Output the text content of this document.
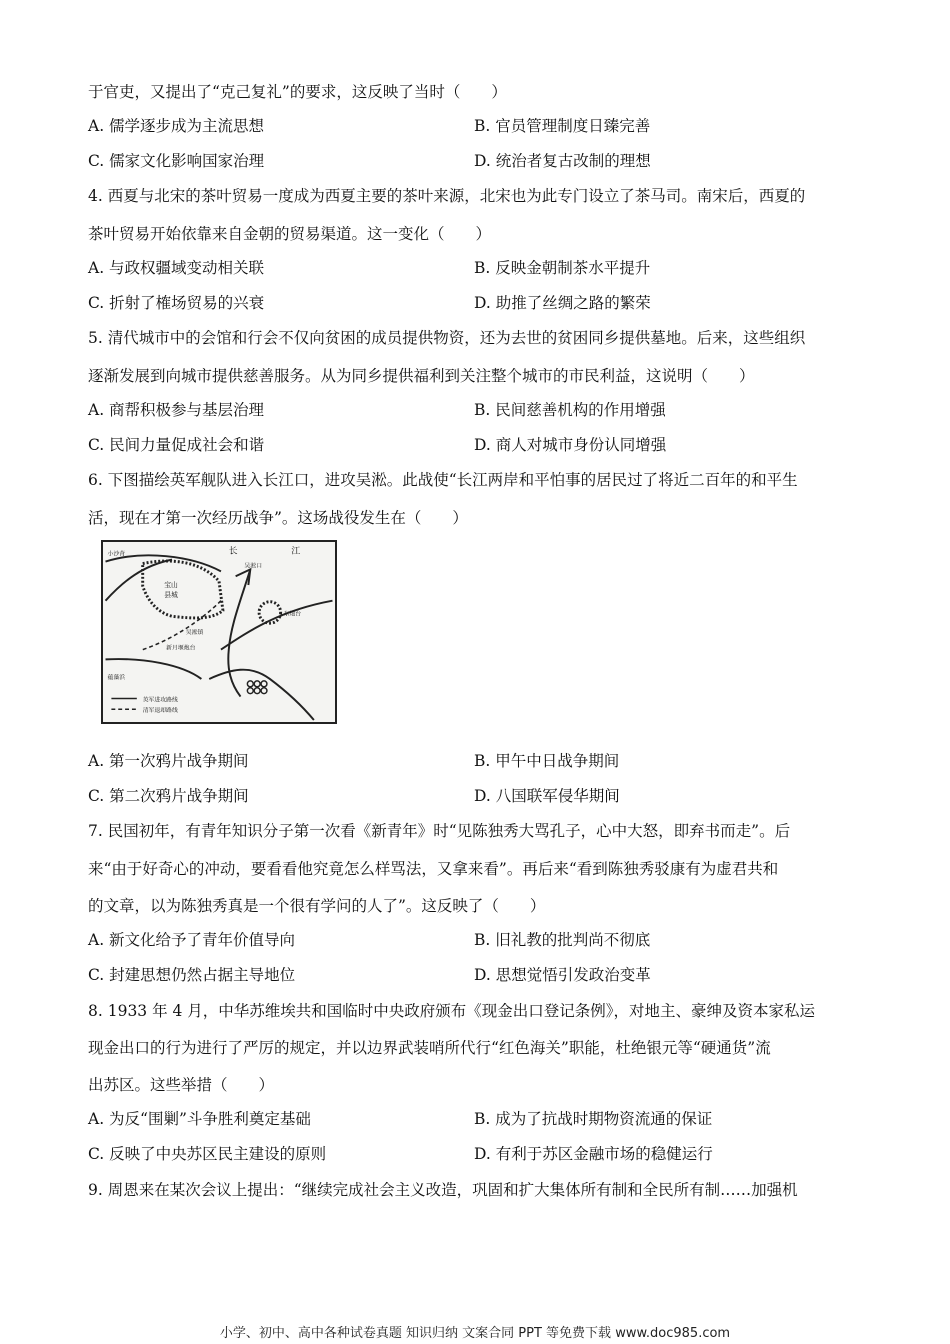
于官吏，又提出了“克己复礼”的要求，这反映了当时（　　）
A. 儒学逐步成为主流思想	B. 官员管理制度日臻完善
C. 儒家文化影响国家治理	D. 统治者复古改制的理想
4. 西夏与北宋的茶叶贸易一度成为西夏主要的茶叶来源，北宋也为此专门设立了茶马司。南宋后，西夏的
茶叶贸易开始依靠来自金朝的贸易渠道。这一变化（　　）
A. 与政权疆域变动相关联	B. 反映金朝制茶水平提升
C. 折射了榷场贸易的兴衰	D. 助推了丝绸之路的繁荣
5. 清代城市中的会馆和行会不仅向贫困的成员提供物资，还为去世的贫困同乡提供墓地。后来，这些组织
逐渐发展到向城市提供慈善服务。从为同乡提供福利到关注整个城市的市民利益，这说明（　　）
A. 商帮积极参与基层治理	B. 民间慈善机构的作用增强
C. 民间力量促成社会和谐	D. 商人对城市身份认同增强
6. 下图描绘英军舰队进入长江口，进攻吴淞。此战使“长江两岸和平怕事的居民过了将近二百年的和平生
活，现在才第一次经历战争”。这场战役发生在（　　）
长	江
小沙背
宝山
县城
吴淞口
东炮台
吴淞镇
新月堰炮台
蕴藻浜
英军进攻路线
清军退却路线
A. 第一次鸦片战争期间	B. 甲午中日战争期间
C. 第二次鸦片战争期间	D. 八国联军侵华期间
7. 民国初年，有青年知识分子第一次看《新青年》时“见陈独秀大骂孔子，心中大怒，即弃书而走”。后
来“由于好奇心的冲动，要看看他究竟怎么样骂法，又拿来看”。再后来“看到陈独秀驳康有为虚君共和
的文章，以为陈独秀真是一个很有学问的人了”。这反映了（　　）
A. 新文化给予了青年价值导向	B. 旧礼教的批判尚不彻底
C. 封建思想仍然占据主导地位	D. 思想觉悟引发政治变革
8. 1933 年 4 月，中华苏维埃共和国临时中央政府颁布《现金出口登记条例》，对地主、豪绅及资本家私运
现金出口的行为进行了严厉的规定，并以边界武装哨所代行“红色海关”职能，杜绝银元等“硬通货”流
出苏区。这些举措（　　）
A. 为反“围剿”斗争胜利奠定基础	B. 成为了抗战时期物资流通的保证
C. 反映了中央苏区民主建设的原则	D. 有利于苏区金融市场的稳健运行
9. 周恩来在某次会议上提出：“继续完成社会主义改造，巩固和扩大集体所有制和全民所有制……加强机
小学、初中、高中各种试卷真题 知识归纳 文案合同 PPT 等免费下载 www.doc985.com
